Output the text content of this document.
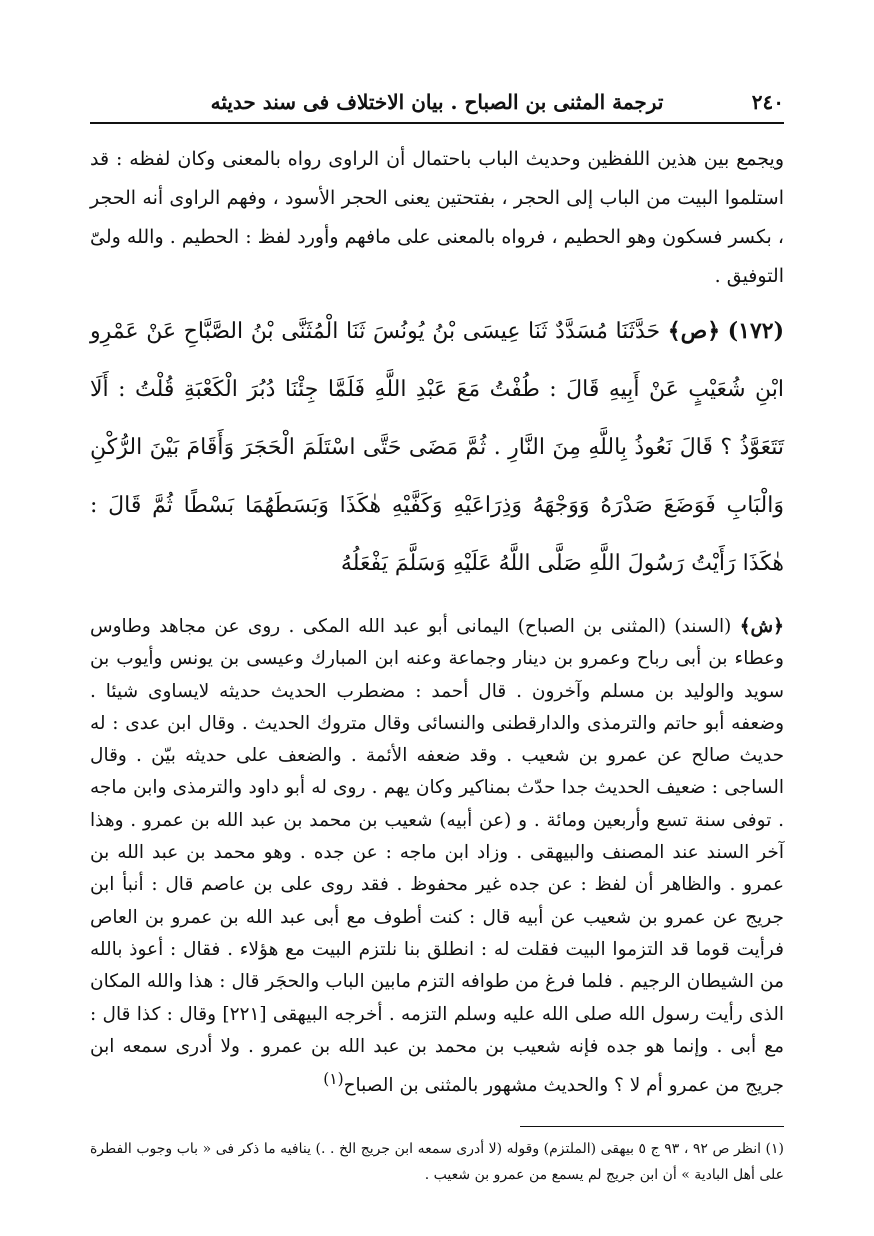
٢٤٠
ترجمة المثنى بن الصباح . بيان الاختلاف فى سند حديثه

ويجمع بين هذين اللفظين وحديث الباب باحتمال أن الراوى رواه بالمعنى وكان لفظه : قد استلموا البيت من الباب إلى الحجر ، بفتحتين يعنى الحجر الأسود ، وفهم الراوى أنه الحجر ، بكسر فسكون وهو الحطيم ، فرواه بالمعنى على مافهم وأورد لفظ : الحطيم . والله ولىّ التوفيق .

(١٧٢) ﴿ص﴾ حَدَّثَنَا مُسَدَّدٌ ثَنَا عِيسَى بْنُ يُونُسَ ثَنَا الْمُثَنَّى بْنُ الصَّبَّاحِ عَنْ عَمْرِو ابْنِ شُعَيْبٍ عَنْ أَبِيهِ قَالَ : طُفْتُ مَعَ عَبْدِ اللَّهِ فَلَمَّا جِئْنَا دُبُرَ الْكَعْبَةِ قُلْتُ : أَلَا تَتَعَوَّذُ ؟ قَالَ نَعُوذُ بِاللَّهِ مِنَ النَّارِ . ثُمَّ مَضَى حَتَّى اسْتَلَمَ الْحَجَرَ وَأَقَامَ بَيْنَ الرُّكْنِ وَالْبَابِ فَوَضَعَ صَدْرَهُ وَوَجْهَهُ وَذِرَاعَيْهِ وَكَفَّيْهِ هٰكَذَا وَبَسَطَهُمَا بَسْطًا ثُمَّ قَالَ : هٰكَذَا رَأَيْتُ رَسُولَ اللَّهِ صَلَّى اللَّهُ عَلَيْهِ وَسَلَّمَ يَفْعَلُهُ

﴿ش﴾ (السند) (المثنى بن الصباح) اليمانى أبو عبد الله المكى . روى عن مجاهد وطاوس وعطاء بن أبى رباح وعمرو بن دينار وجماعة وعنه ابن المبارك وعيسى بن يونس وأيوب بن سويد والوليد بن مسلم وآخرون . قال أحمد : مضطرب الحديث حديثه لايساوى شيئا . وضعفه أبو حاتم والترمذى والدارقطنى والنسائى وقال متروك الحديث . وقال ابن عدى : له حديث صالح عن عمرو بن شعيب . وقد ضعفه الأئمة . والضعف على حديثه بيّن . وقال الساجى : ضعيف الحديث جدا حدّث بمناكير وكان يهم . روى له أبو داود والترمذى وابن ماجه . توفى سنة تسع وأربعين ومائة . و (عن أبيه) شعيب بن محمد بن عبد الله بن عمرو . وهذا آخر السند عند المصنف والبيهقى . وزاد ابن ماجه : عن جده . وهو محمد بن عبد الله بن عمرو . والظاهر أن لفظ : عن جده غير محفوظ . فقد روى على بن عاصم قال : أنبأ ابن جريج عن عمرو بن شعيب عن أبيه قال : كنت أطوف مع أبى عبد الله بن عمرو بن العاص فرأيت قوما قد التزموا البيت فقلت له : انطلق بنا نلتزم البيت مع هؤلاء . فقال : أعوذ بالله من الشيطان الرجيم . فلما فرغ من طوافه التزم مابين الباب والحجَر قال : هذا والله المكان الذى رأيت رسول الله صلى الله عليه وسلم التزمه . أخرجه البيهقى [٢٢١] وقال : كذا قال : مع أبى . وإنما هو جده فإنه شعيب بن محمد بن عبد الله بن عمرو . ولا أدرى سمعه ابن جريج من عمرو أم لا ؟ والحديث مشهور بالمثنى بن الصباح$^{(١)}$

(١) انظر ص ٩٢ ، ٩٣ ج ٥ بيهقى (الملتزم) وقوله (لا أدرى سمعه ابن جريج الخ . .) ينافيه ما ذكر فى « باب وجوب الفطرة على أهل البادية » أن ابن جريج لم يسمع من عمرو بن شعيب .
